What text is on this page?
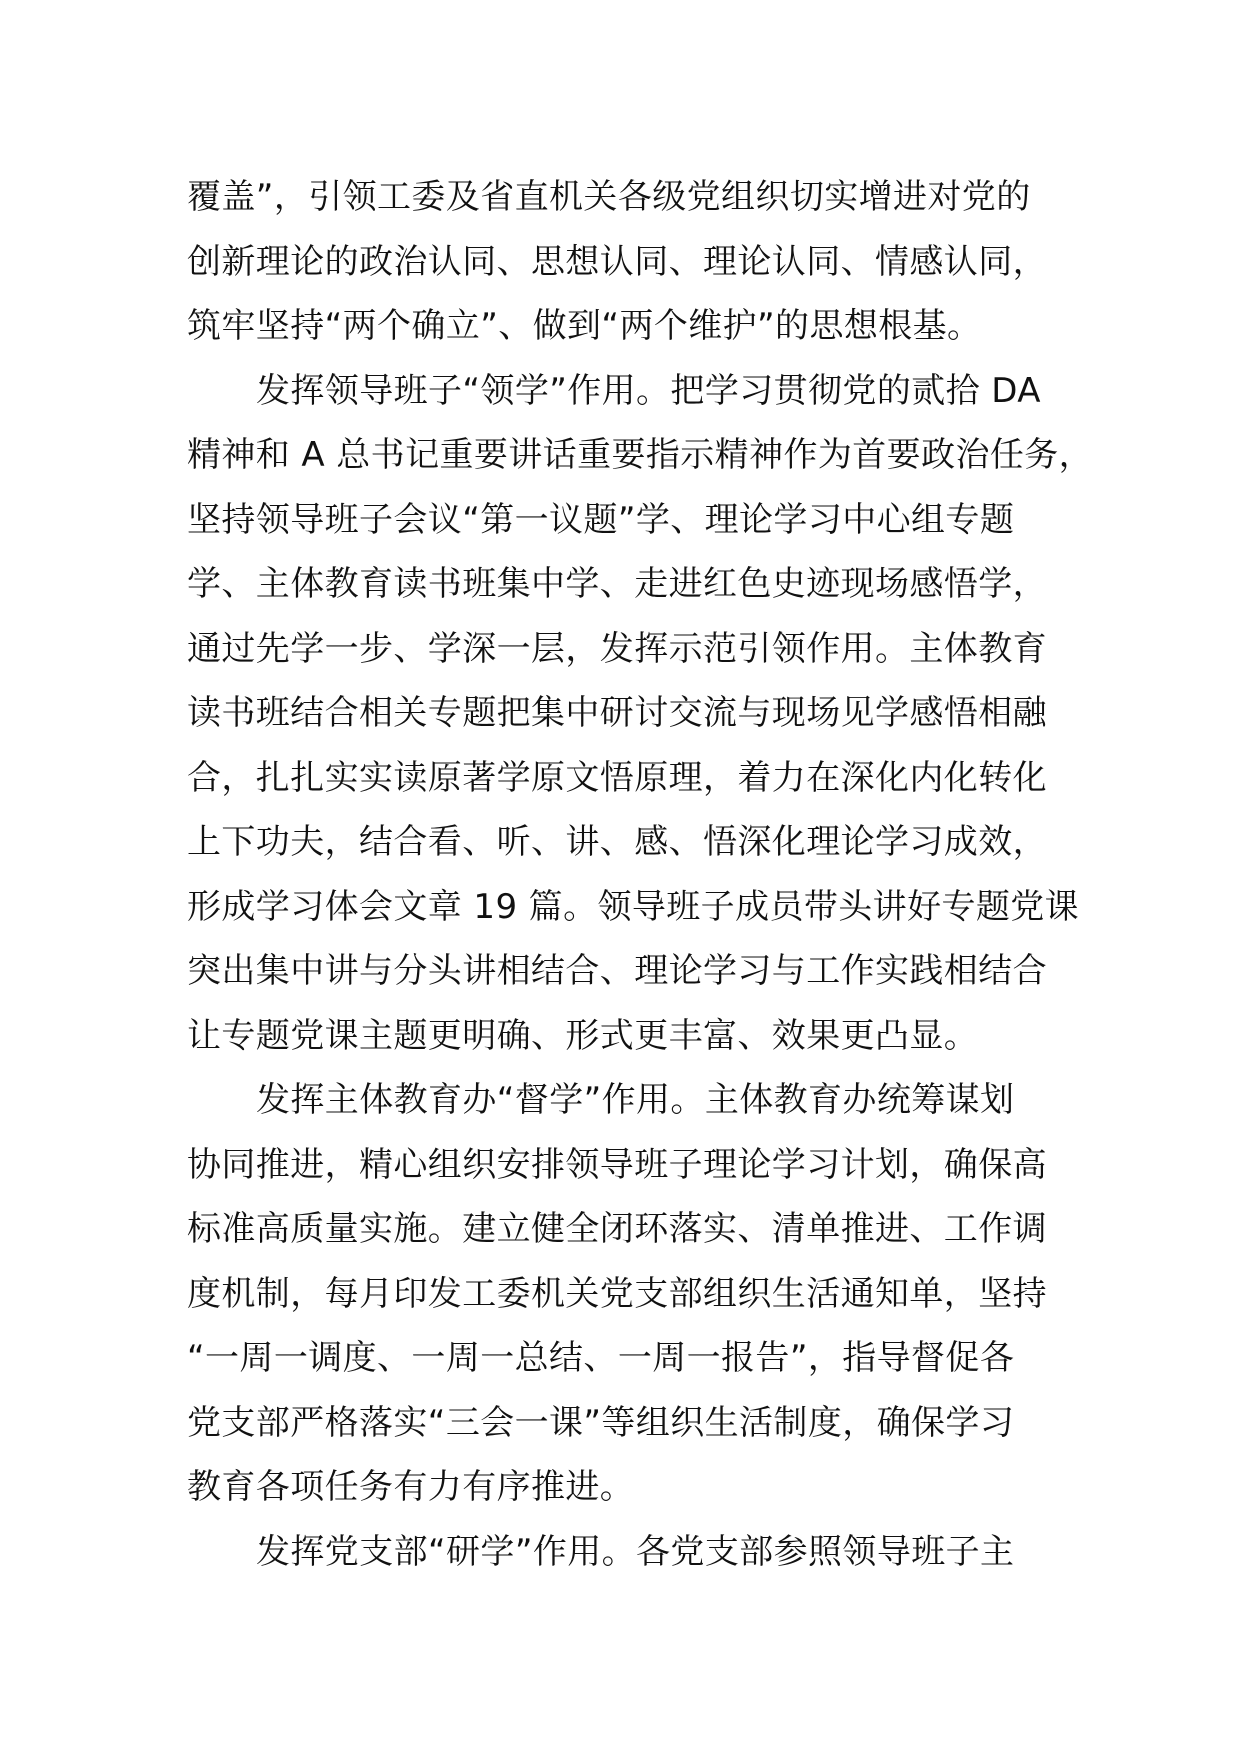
覆盖”，引领工委及省直机关各级党组织切实增进对党的
创新理论的政治认同、思想认同、理论认同、情感认同，
筑牢坚持“两个确立”、做到“两个维护”的思想根基。
发挥领导班子“领学”作用。把学习贯彻党的贰拾 DA
精神和 A 总书记重要讲话重要指示精神作为首要政治任务，
坚持领导班子会议“第一议题”学、理论学习中心组专题
学、主体教育读书班集中学、走进红色史迹现场感悟学，
通过先学一步、学深一层，发挥示范引领作用。主体教育
读书班结合相关专题把集中研讨交流与现场见学感悟相融
合，扎扎实实读原著学原文悟原理，着力在深化内化转化
上下功夫，结合看、听、讲、感、悟深化理论学习成效，
形成学习体会文章 19 篇。领导班子成员带头讲好专题党课
突出集中讲与分头讲相结合、理论学习与工作实践相结合
让专题党课主题更明确、形式更丰富、效果更凸显。
发挥主体教育办“督学”作用。主体教育办统筹谋划
协同推进，精心组织安排领导班子理论学习计划，确保高
标准高质量实施。建立健全闭环落实、清单推进、工作调
度机制，每月印发工委机关党支部组织生活通知单，坚持
“一周一调度、一周一总结、一周一报告”，指导督促各
党支部严格落实“三会一课”等组织生活制度，确保学习
教育各项任务有力有序推进。
发挥党支部“研学”作用。各党支部参照领导班子主
